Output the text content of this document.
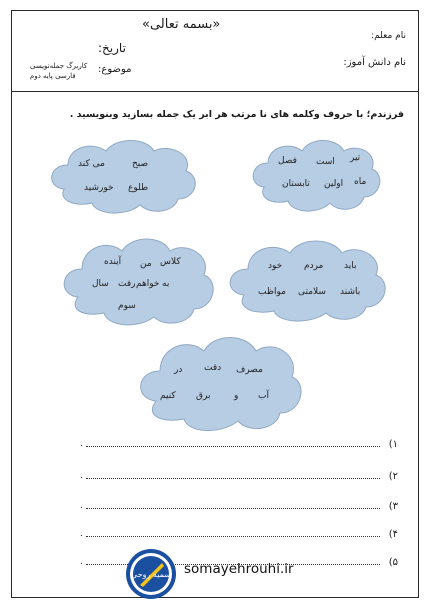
«بسمه تعالی»
نام معلم:
تاریخ:
نام دانش آموز:
موضوع:
کاربرگ جمله‌نویسی
فارسی پایه دوم
فرزندم؛ با حروف وکلمه های نا مرتب هر ابر یک جمله بسازید وبنویسید .
تیر
است
فصل
ماه
اولین
تابستان
صبح
می کند
طلوع
خورشید
باید
مردم
خود
باشند
سلامتی
مواظب
کلاس
من
آینده
به
خواهم
رفت
سال
سوم
مصرف
دقت
در
آب
و
برق
کنیم
.	١)
.	٢)
.	٣)
.	۴)
.	۵)
سمیه روحی somayehrouhi.ir
